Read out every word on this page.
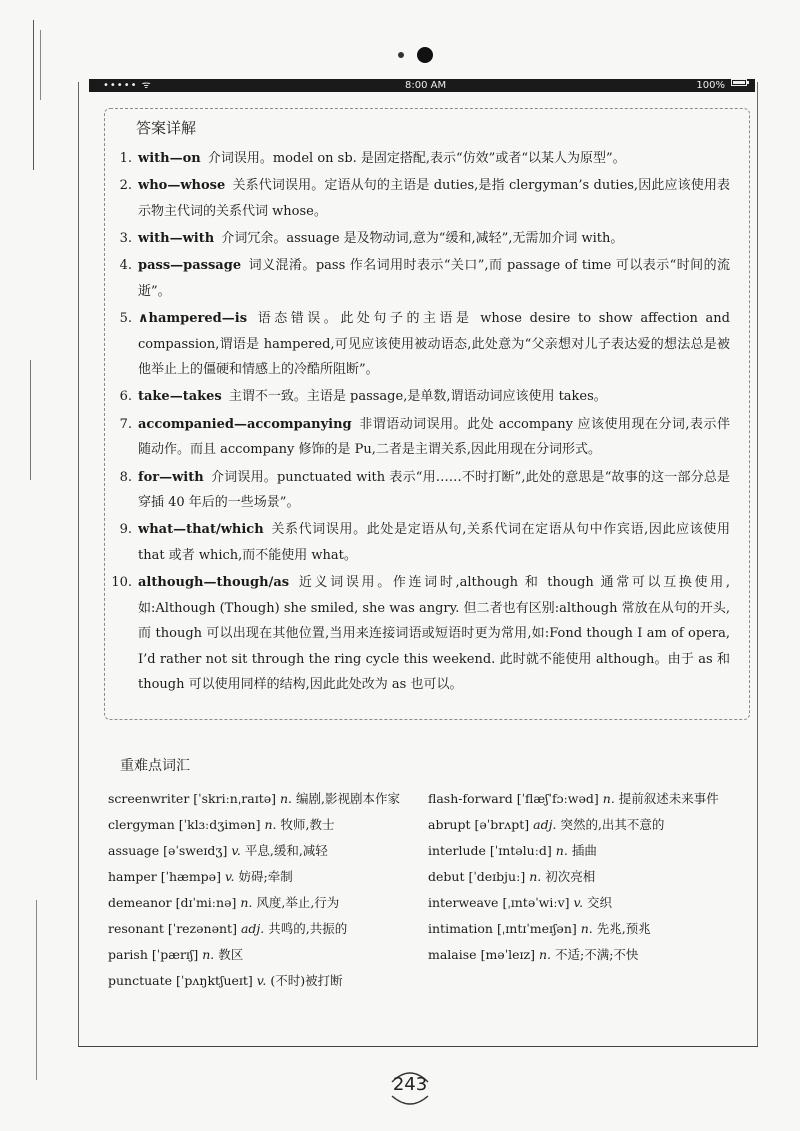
••••• ᯤ	8:00 AM	100%
答案详解
1. with—on 介词误用。model on sb. 是固定搭配,表示“仿效”或者“以某人为原型”。
2. who—whose 关系代词误用。定语从句的主语是 duties,是指 clergyman’s duties,因此应该使用表示物主代词的关系代词 whose。
3. with—with 介词冗余。assuage 是及物动词,意为“缓和,减轻”,无需加介词 with。
4. pass—passage 词义混淆。pass 作名词用时表示“关口”,而 passage of time 可以表示“时间的流逝”。
5. ∧hampered—is 语态错误。此处句子的主语是 whose desire to show affection and compassion,谓语是 hampered,可见应该使用被动语态,此处意为“父亲想对儿子表达爱的想法总是被他举止上的僵硬和情感上的冷酷所阻断”。
6. take—takes 主谓不一致。主语是 passage,是单数,谓语动词应该使用 takes。
7. accompanied—accompanying 非谓语动词误用。此处 accompany 应该使用现在分词,表示伴随动作。而且 accompany 修饰的是 Pu,二者是主谓关系,因此用现在分词形式。
8. for—with 介词误用。punctuated with 表示“用……不时打断”,此处的意思是“故事的这一部分总是穿插 40 年后的一些场景”。
9. what—that/which 关系代词误用。此处是定语从句,关系代词在定语从句中作宾语,因此应该使用 that 或者 which,而不能使用 what。
10. although—though/as 近义词误用。作连词时,although 和 though 通常可以互换使用,如:Although (Though) she smiled, she was angry. 但二者也有区别:although 常放在从句的开头,而 though 可以出现在其他位置,当用来连接词语或短语时更为常用,如:Fond though I am of opera, I’d rather not sit through the ring cycle this weekend. 此时就不能使用 although。由于 as 和 though 可以使用同样的结构,因此此处改为 as 也可以。
重难点词汇
screenwriter [ˈskriːnˌraɪtə] n. 编剧,影视剧本作家
clergyman [ˈklɜːdʒimən] n. 牧师,教士
assuage [əˈsweɪdʒ] v. 平息,缓和,减轻
hamper [ˈhæmpə] v. 妨碍;牵制
demeanor [dɪˈmiːnə] n. 风度,举止,行为
resonant [ˈrezənənt] adj. 共鸣的,共振的
parish [ˈpærɪʃ] n. 教区
punctuate [ˈpʌŋktʃueɪt] v. (不时)被打断
flash-forward [ˈflæʃˈfɔːwəd] n. 提前叙述未来事件
abrupt [əˈbrʌpt] adj. 突然的,出其不意的
interlude [ˈɪntəluːd] n. 插曲
debut [ˈdeɪbjuː] n. 初次亮相
interweave [ˌɪntəˈwiːv] v. 交织
intimation [ˌɪntɪˈmeɪʃən] n. 先兆,预兆
malaise [məˈleɪz] n. 不适;不满;不快
243
